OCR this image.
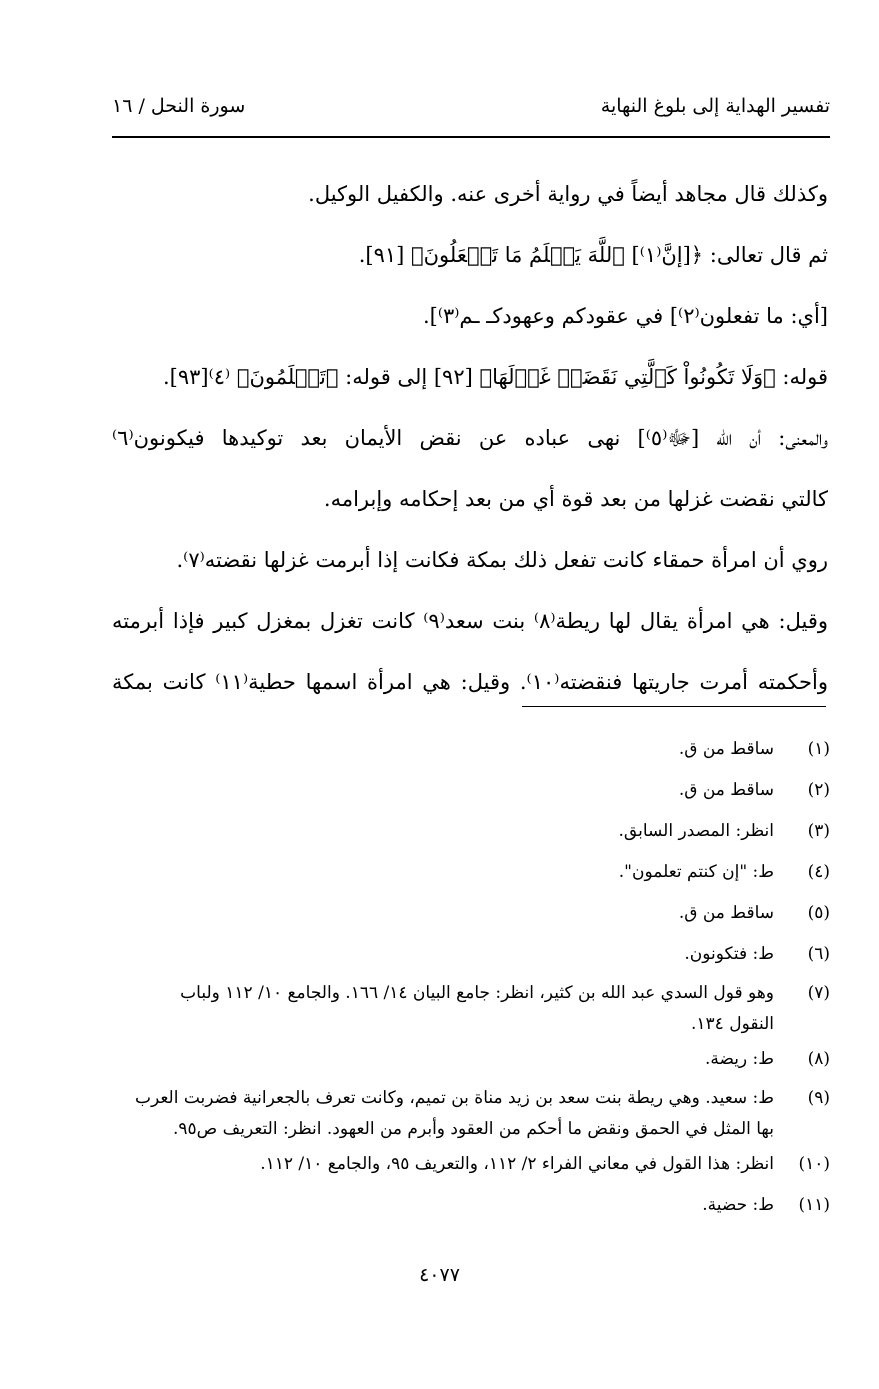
تفسير الهداية إلى بلوغ النهاية
سورة النحل / ١٦

وكذلك قال مجاهد أيضاً في رواية أخرى عنه. والكفيل الوكيل.

ثم قال تعالى: ﴿[إنَّ⁽١⁾] ٱللَّهَ يَعۡلَمُ مَا تَفۡعَلُونَ﴾ [٩١].

[أي: ما تفعلون⁽٢⁾] في عقودكم وعهودكـ ـم⁽٣⁾].

قوله: ﴿وَلَا تَكُونُواْ كَٱلَّتِي نَقَضَتۡ غَزۡلَهَا﴾ [٩٢] إلى قوله: ﴿تَعۡلَمُونَ﴾ ⁽٤⁾[٩٣].

والمعنى: أن الله [ﷻ⁽٥⁾] نهى عباده عن نقض الأيمان بعد توكيدها فيكونون⁽٦⁾

كالتي نقضت غزلها من بعد قوة أي من بعد إحكامه وإبرامه.

روي أن امرأة حمقاء كانت تفعل ذلك بمكة فكانت إذا أبرمت غزلها نقضته⁽٧⁾.

وقيل: هي امرأة يقال لها ريطة⁽٨⁾ بنت سعد⁽٩⁾ كانت تغزل بمغزل كبير فإذا أبرمته

وأحكمته أمرت جاريتها فنقضته⁽١٠⁾. وقيل: هي امرأة اسمها حطية⁽١١⁾ كانت بمكة

(١)
ساقط من ق.
(٢)
ساقط من ق.
(٣)
انظر: المصدر السابق.
(٤)
ط: "إن كنتم تعلمون".
(٥)
ساقط من ق.
(٦)
ط: فتكونون.
(٧)
وهو قول السدي عبد الله بن كثير، انظر: جامع البيان ١٤/ ١٦٦. والجامع ١٠/ ١١٢ ولباب
النقول ١٣٤.
(٨)
ط: ريضة.
(٩)
ط: سعيد. وهي ريطة بنت سعد بن زيد مناة بن تميم، وكانت تعرف بالجعرانية فضربت العرب
بها المثل في الحمق ونقض ما أحكم من العقود وأبرم من العهود. انظر: التعريف ص٩٥.
(١٠)
انظر: هذا القول في معاني الفراء ٢/ ١١٢، والتعريف ٩٥، والجامع ١٠/ ١١٢.
(١١)
ط: حضية.
٤٠٧٧
